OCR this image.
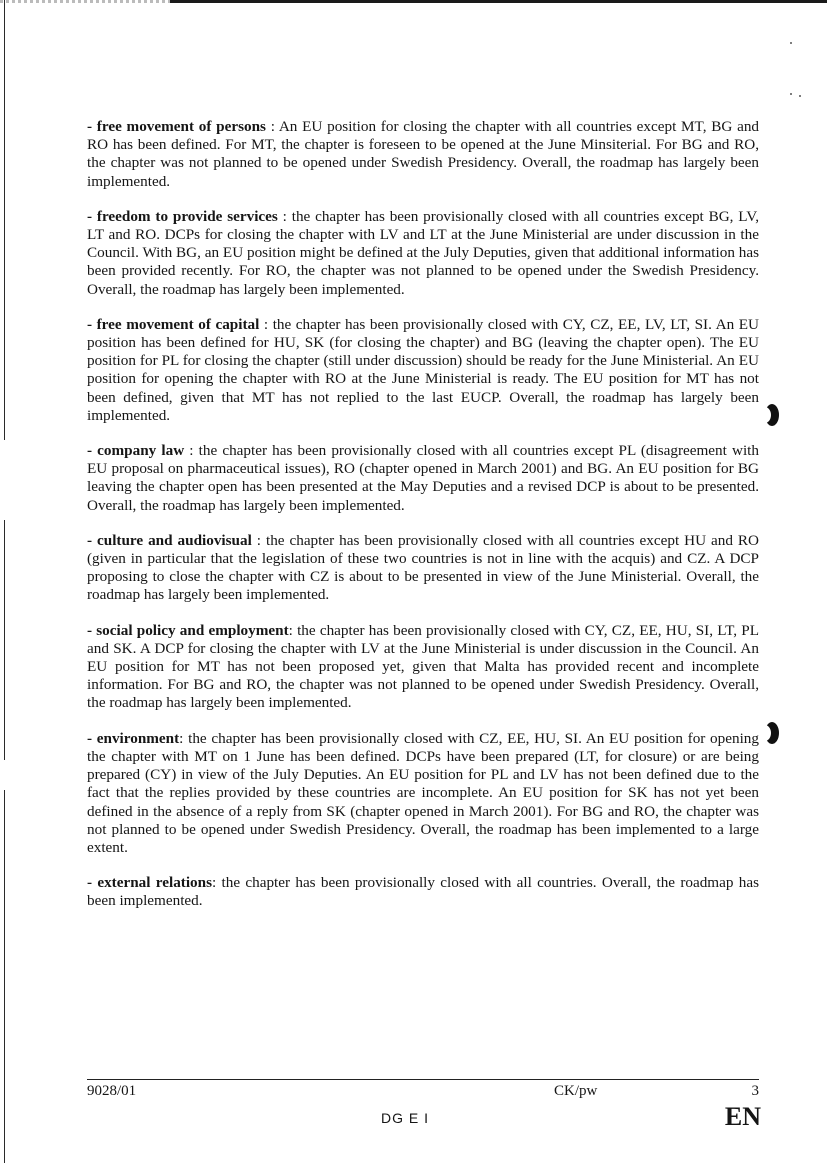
- free movement of persons : An EU position for closing the chapter with all countries except MT, BG and RO has been defined. For MT, the chapter is foreseen to be opened at the June Minsiterial. For BG and RO, the chapter was not planned to be opened under Swedish Presidency. Overall, the roadmap has largely been implemented.

- freedom to provide services : the chapter has been provisionally closed with all countries except BG, LV, LT and RO. DCPs for closing the chapter with LV and LT at the June Ministerial are under discussion in the Council. With BG, an EU position might be defined at the July Deputies, given that additional information has been provided recently. For RO, the chapter was not planned to be opened under the Swedish Presidency. Overall, the roadmap has largely been implemented.

- free movement of capital : the chapter has been provisionally closed with CY, CZ, EE, LV, LT, SI. An EU position has been defined for HU, SK (for closing the chapter) and BG (leaving the chapter open). The EU position for PL for closing the chapter (still under discussion) should be ready for the June Ministerial. An EU position for opening the chapter with RO at the June Ministerial is ready. The EU position for MT has not been defined, given that MT has not replied to the last EUCP. Overall, the roadmap has largely been implemented.

- company law : the chapter has been provisionally closed with all countries except PL (disagreement with EU proposal on pharmaceutical issues), RO (chapter opened in March 2001) and BG. An EU position for BG leaving the chapter open has been presented at the May Deputies and a revised DCP is about to be presented. Overall, the roadmap has largely been implemented.

- culture and audiovisual : the chapter has been provisionally closed with all countries except HU and RO (given in particular that the legislation of these two countries is not in line with the acquis) and CZ. A DCP proposing to close the chapter with CZ is about to be presented in view of the June Ministerial. Overall, the roadmap has largely been implemented.

- social policy and employment: the chapter has been provisionally closed with CY, CZ, EE, HU, SI, LT, PL and SK. A DCP for closing the chapter with LV at the June Ministerial is under discussion in the Council. An EU position for MT has not been proposed yet, given that Malta has provided recent and incomplete information. For BG and RO, the chapter was not planned to be opened under Swedish Presidency. Overall, the roadmap has largely been implemented.

- environment: the chapter has been provisionally closed with CZ, EE, HU, SI. An EU position for opening the chapter with MT on 1 June has been defined. DCPs have been prepared (LT, for closure) or are being prepared (CY) in view of the July Deputies. An EU position for PL and LV has not been defined due to the fact that the replies provided by these countries are incomplete. An EU position for SK has not yet been defined in the absence of a reply from SK (chapter opened in March 2001). For BG and RO, the chapter was not planned to be opened under Swedish Presidency. Overall, the roadmap has been implemented to a large extent.

- external relations: the chapter has been provisionally closed with all countries. Overall, the roadmap has been implemented.

9028/01	CK/pw	3
DG E I	EN
